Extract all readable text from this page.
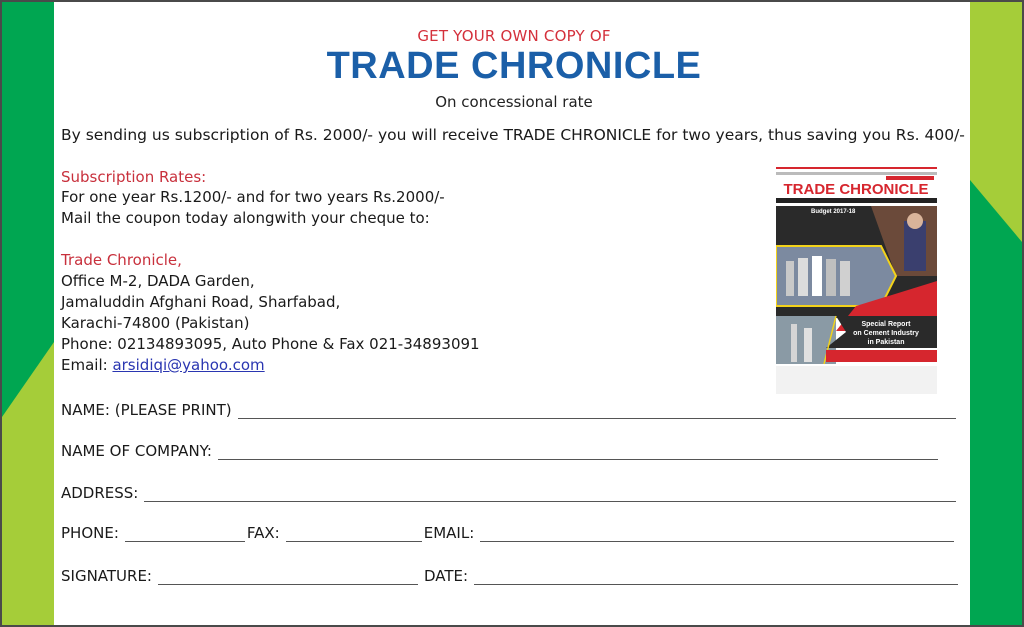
GET YOUR OWN COPY OF
TRADE CHRONICLE
On concessional rate
By sending us subscription of Rs. 2000/- you will receive TRADE CHRONICLE for two years, thus saving you Rs. 400/-
Subscription Rates:
For one year Rs.1200/- and for two years Rs.2000/-
Mail the coupon today alongwith your cheque to:
Trade Chronicle,
Office M-2, DADA Garden,
Jamaluddin Afghani Road, Sharfabad,
Karachi-74800 (Pakistan)
Phone: 02134893095, Auto Phone & Fax 021-34893091
Email: arsidiqi@yahoo.com
TRADE CHRONICLE
Budget 2017-18
Special Report
on Cement Industry
in Pakistan
NAME: (PLEASE PRINT)
NAME OF COMPANY:
ADDRESS:
PHONE:	FAX:	EMAIL:
SIGNATURE:	DATE:
